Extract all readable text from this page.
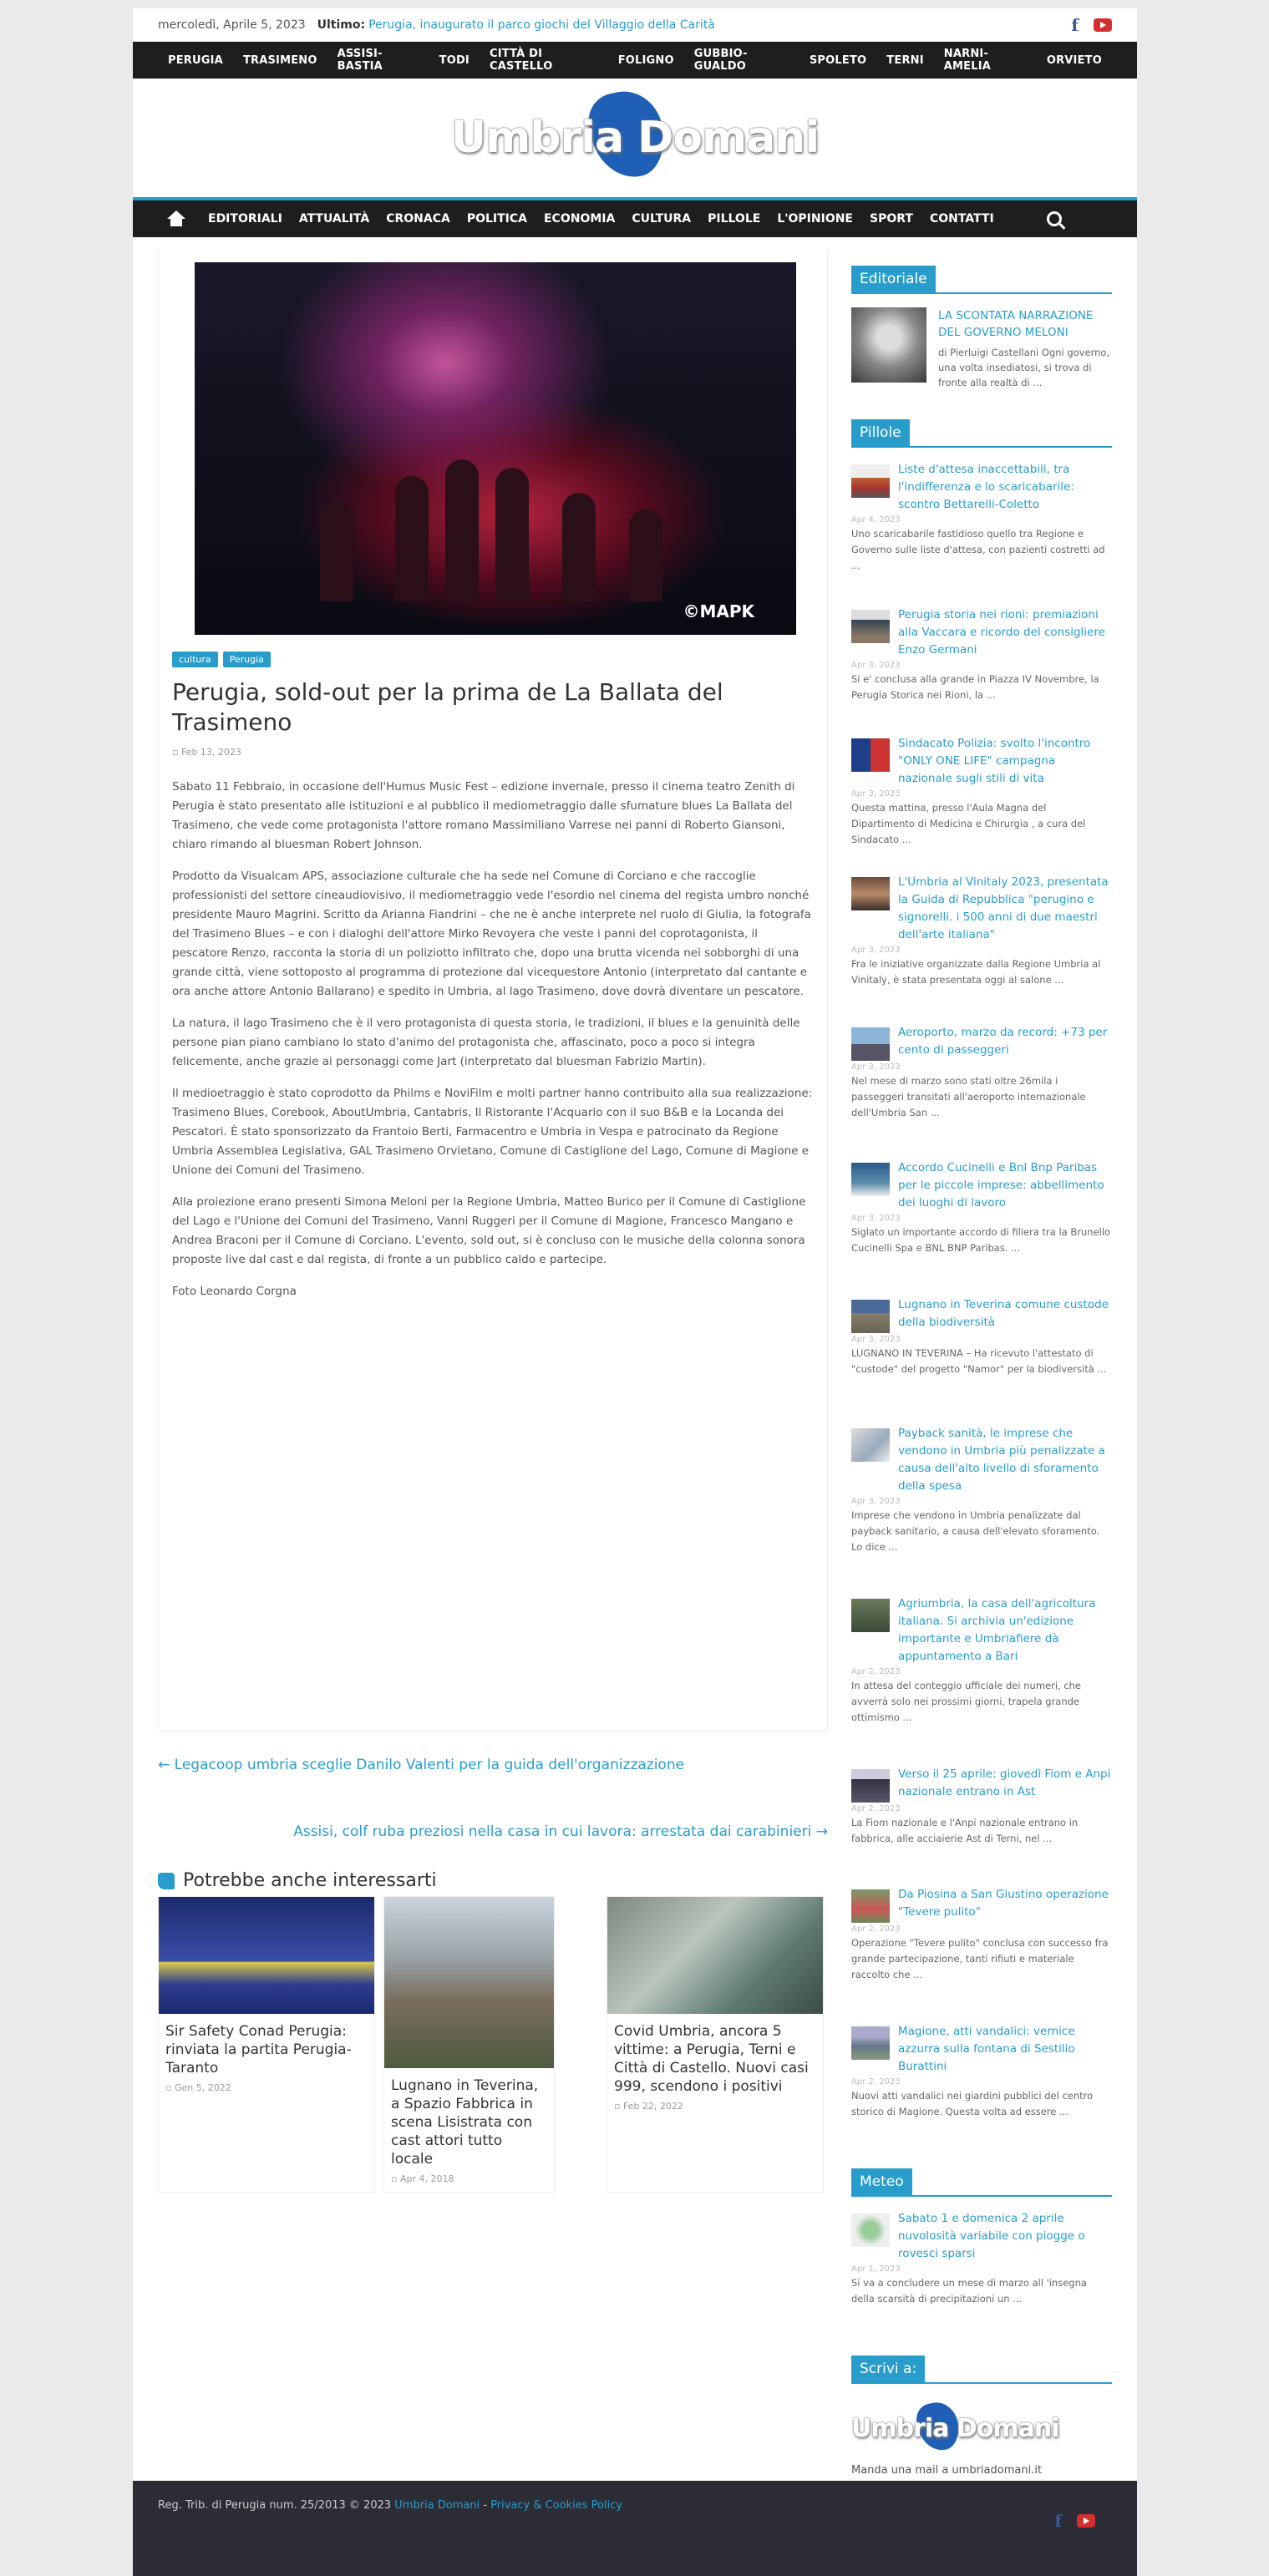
mercoledì, Aprile 5, 2023 Ultimo: Perugia, inaugurato il parco giochi del Villaggio della Carità	f
PERUGIA	TRASIMENO	ASSISI-BASTIA	TODI	CITTÀ DI CASTELLO	FOLIGNO	GUBBIO-GUALDO	SPOLETO	TERNI	NARNI-AMELIA	ORVIETO
Umbria Domani
EDITORIALI	ATTUALITÀ	CRONACA	POLITICA	ECONOMIA	CULTURA	PILLOLE	L'OPINIONE	SPORT	CONTATTI
©MAPK
cultura	Perugia
Perugia, sold-out per la prima de La Ballata del Trasimeno
▫ Feb 13, 2023

Sabato 11 Febbraio, in occasione dell'Humus Music Fest – edizione invernale, presso il cinema teatro Zenith di Perugia è stato presentato alle istituzioni e al pubblico il mediometraggio dalle sfumature blues La Ballata del Trasimeno, che vede come protagonista l'attore romano Massimiliano Varrese nei panni di Roberto Giansoni, chiaro rimando al bluesman Robert Johnson.

Prodotto da Visualcam APS, associazione culturale che ha sede nel Comune di Corciano e che raccoglie professionisti del settore cineaudiovisivo, il mediometraggio vede l'esordio nel cinema del regista umbro nonché presidente Mauro Magrini. Scritto da Arianna Fiandrini – che ne è anche interprete nel ruolo di Giulia, la fotografa del Trasimeno Blues – e con i dialoghi dell'attore Mirko Revoyera che veste i panni del coprotagonista, il pescatore Renzo, racconta la storia di un poliziotto infiltrato che, dopo una brutta vicenda nei sobborghi di una grande città, viene sottoposto al programma di protezione dal vicequestore Antonio (interpretato dal cantante e ora anche attore Antonio Ballarano) e spedito in Umbria, al lago Trasimeno, dove dovrà diventare un pescatore.

La natura, il lago Trasimeno che è il vero protagonista di questa storia, le tradizioni, il blues e la genuinità delle persone pian piano cambiano lo stato d'animo del protagonista che, affascinato, poco a poco si integra felicemente, anche grazie ai personaggi come Jart (interpretato dal bluesman Fabrizio Martin).

Il medioetraggio è stato coprodotto da Philms e NoviFilm e molti partner hanno contribuito alla sua realizzazione: Trasimeno Blues, Corebook, AboutUmbria, Cantabris, Il Ristorante l'Acquario con il suo B&B e la Locanda dei Pescatori. È stato sponsorizzato da Frantoio Berti, Farmacentro e Umbria in Vespa e patrocinato da Regione Umbria Assemblea Legislativa, GAL Trasimeno Orvietano, Comune di Castiglione del Lago, Comune di Magione e Unione dei Comuni del Trasimeno.

Alla proiezione erano presenti Simona Meloni per la Regione Umbria, Matteo Burico per il Comune di Castiglione del Lago e l'Unione dei Comuni del Trasimeno, Vanni Ruggeri per il Comune di Magione, Francesco Mangano e Andrea Braconi per il Comune di Corciano. L'evento, sold out, si è concluso con le musiche della colonna sonora proposte live dal cast e dal regista, di fronte a un pubblico caldo e partecipe.

Foto Leonardo Corgna

← Legacoop umbria sceglie Danilo Valenti per la guida dell'organizzazione
Assisi, colf ruba preziosi nella casa in cui lavora: arrestata dai carabinieri →
Potrebbe anche interessarti
Sir Safety Conad Perugia: rinviata la partita Perugia-Taranto
▫ Gen 5, 2022	Lugnano in Teverina, a Spazio Fabbrica in scena Lisistrata con cast attori tutto locale
▫ Apr 4, 2018
Covid Umbria, ancora 5 vittime: a Perugia, Terni e Città di Castello. Nuovi casi 999, scendono i positivi
▫ Feb 22, 2022
Editoriale
LA SCONTATA NARRAZIONE DEL GOVERNO MELONI
di Pierluigi Castellani Ogni governo, una volta insediatosi, si trova di fronte alla realtà di ...
Pillole
Liste d'attesa inaccettabili, tra l'indifferenza e lo scaricabarile: scontro Bettarelli-Coletto
Apr 4, 2023
Uno scaricabarile fastidioso quello tra Regione e Governo sulle liste d'attesa, con pazienti costretti ad ...
Perugia storia nei rioni: premiazioni alla Vaccara e ricordo del consigliere Enzo Germani
Apr 3, 2023
Si e' conclusa alla grande in Piazza IV Novembre, la Perugia Storica nei Rioni, la ...
Sindacato Polizia: svolto l'incontro "ONLY ONE LIFE" campagna nazionale sugli stili di vita
Apr 3, 2023
Questa mattina, presso l'Aula Magna del Dipartimento di Medicina e Chirurgia , a cura del Sindacato ...
L'Umbria al Vinitaly 2023, presentata la Guida di Repubblica "perugino e signorelli. i 500 anni di due maestri dell'arte italiana"
Apr 3, 2023
Fra le iniziative organizzate dalla Regione Umbria al Vinitaly, è stata presentata oggi al salone ...
Aeroporto, marzo da record: +73 per cento di passeggeri
Apr 3, 2023
Nel mese di marzo sono stati oltre 26mila i passeggeri transitati all'aeroporto internazionale dell'Umbria San ...
Accordo Cucinelli e Bnl Bnp Paribas per le piccole imprese: abbellimento dei luoghi di lavoro
Apr 3, 2023
Siglato un importante accordo di filiera tra la Brunello Cucinelli Spa e BNL BNP Paribas. ...
Lugnano in Teverina comune custode della biodiversità
Apr 3, 2023
LUGNANO IN TEVERINA – Ha ricevuto l'attestato di "custode" del progetto "Namor" per la biodiversità ...
Payback sanità, le imprese che vendono in Umbria più penalizzate a causa dell'alto livello di sforamento della spesa
Apr 3, 2023
Imprese che vendono in Umbria penalizzate dal payback sanitario, a causa dell'elevato sforamento. Lo dice ...
Agriumbria, la casa dell'agricoltura italiana. Si archivia un'edizione importante e Umbriafiere dà appuntamento a Bari
Apr 2, 2023
In attesa del conteggio ufficiale dei numeri, che avverrà solo nei prossimi giorni, trapela grande ottimismo ...
Verso il 25 aprile: giovedì Fiom e Anpi nazionale entrano in Ast
Apr 2, 2023
La Fiom nazionale e l'Anpi nazionale entrano in fabbrica, alle acciaierie Ast di Terni, nel ...
Da Piosina a San Giustino operazione "Tevere pulito"
Apr 2, 2023
Operazione "Tevere pulito" conclusa con successo fra grande partecipazione, tanti rifiuti e materiale raccolto che ...
Magione, atti vandalici: vernice azzurra sulla fontana di Sestilio Burattini
Apr 2, 2023
Nuovi atti vandalici nei giardini pubblici del centro storico di Magione. Questa volta ad essere ...
Meteo
Sabato 1 e domenica 2 aprile nuvolosità variabile con piogge o rovesci sparsi
Apr 1, 2023
Si va a concludere un mese di marzo all 'insegna della scarsità di precipitazioni un ...
Scrivi a:
Umbria Domani
Manda una mail a umbriadomani.it
Reg. Trib. di Perugia num. 25/2013 © 2023 Umbria Domani - Privacy & Cookies Policy
f
